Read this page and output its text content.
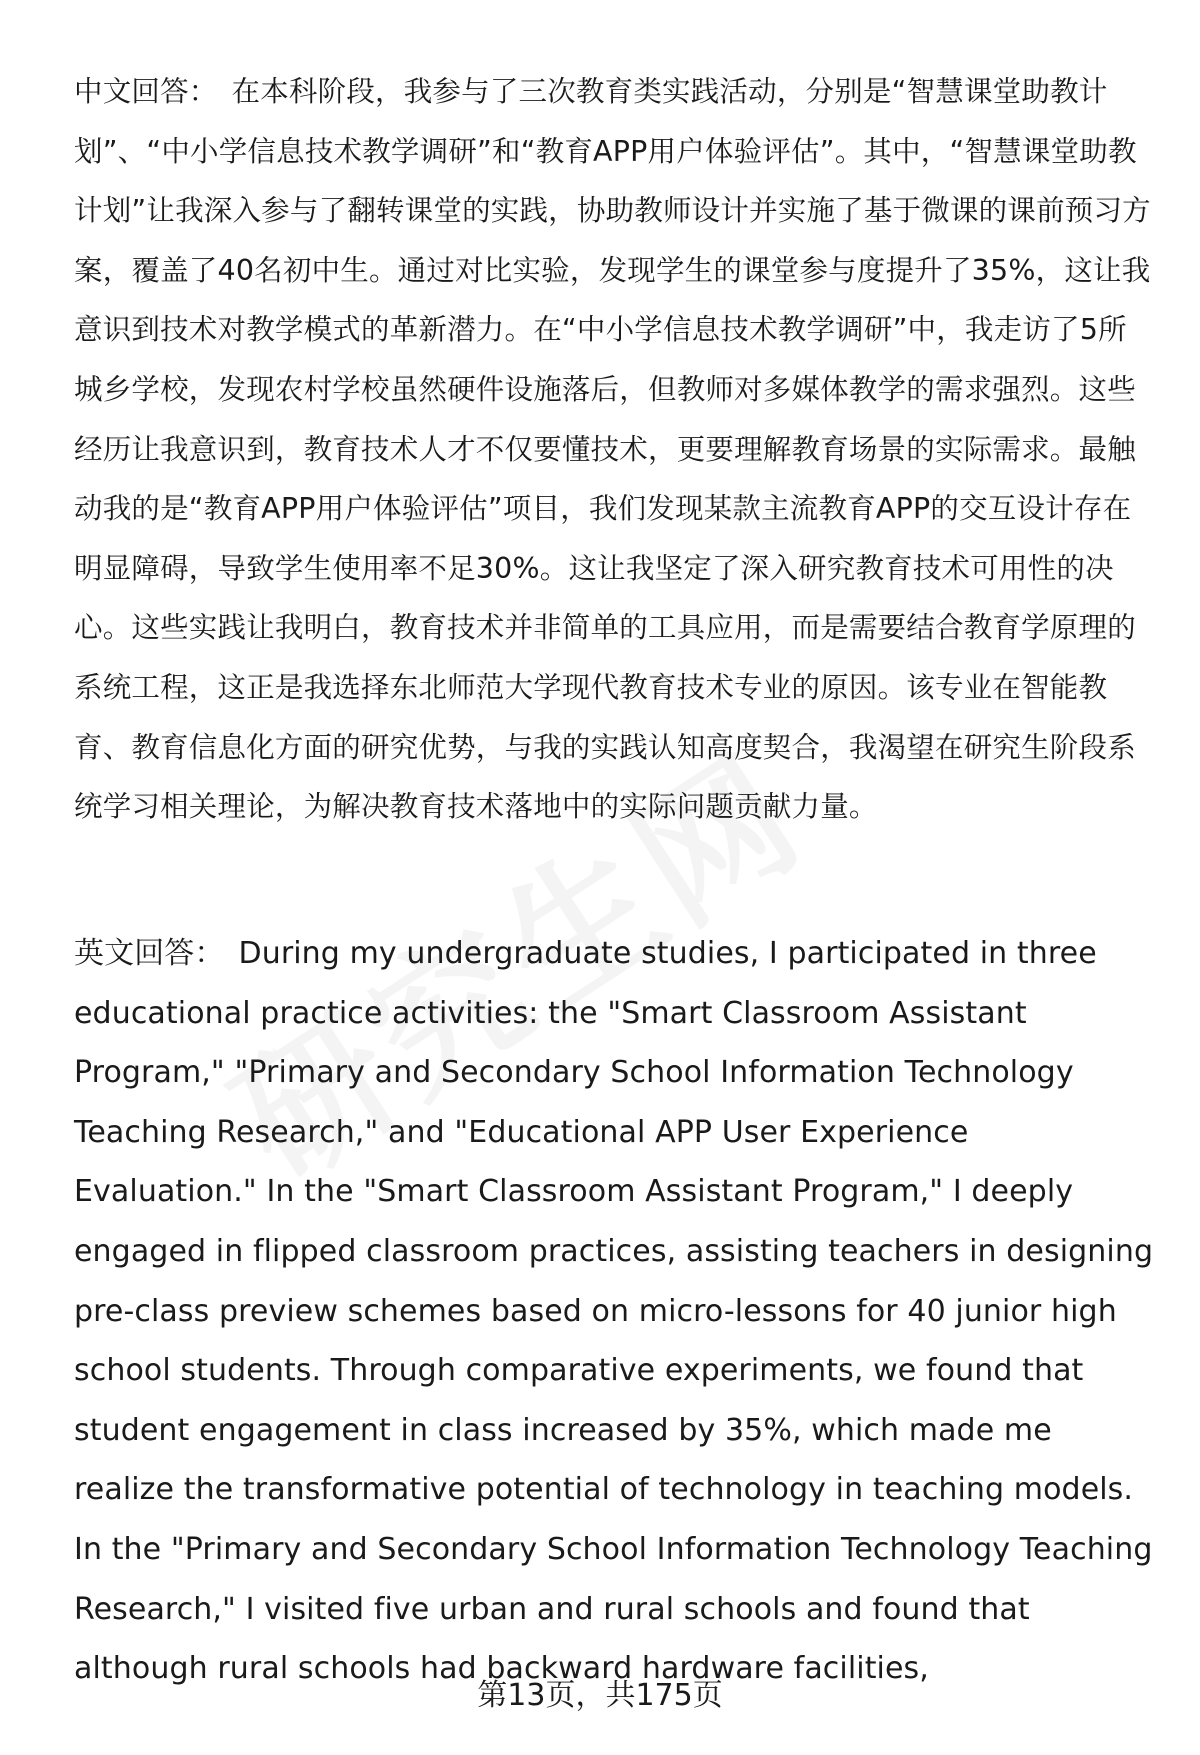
中文回答： 在本科阶段，我参与了三次教育类实践活动，分别是“智慧课堂助教计划”、“中小学信息技术教学调研”和“教育APP用户体验评估”。其中，“智慧课堂助教计划”让我深入参与了翻转课堂的实践，协助教师设计并实施了基于微课的课前预习方案，覆盖了40名初中生。通过对比实验，发现学生的课堂参与度提升了35%，这让我意识到技术对教学模式的革新潜力。在“中小学信息技术教学调研”中，我走访了5所城乡学校，发现农村学校虽然硬件设施落后，但教师对多媒体教学的需求强烈。这些经历让我意识到，教育技术人才不仅要懂技术，更要理解教育场景的实际需求。最触动我的是“教育APP用户体验评估”项目，我们发现某款主流教育APP的交互设计存在明显障碍，导致学生使用率不足30%。这让我坚定了深入研究教育技术可用性的决心。这些实践让我明白，教育技术并非简单的工具应用，而是需要结合教育学原理的系统工程，这正是我选择东北师范大学现代教育技术专业的原因。该专业在智能教育、教育信息化方面的研究优势，与我的实践认知高度契合，我渴望在研究生阶段系统学习相关理论，为解决教育技术落地中的实际问题贡献力量。

英文回答： During my undergraduate studies, I participated in three educational practice activities: the "Smart Classroom Assistant Program," "Primary and Secondary School Information Technology Teaching Research," and "Educational APP User Experience Evaluation." In the "Smart Classroom Assistant Program," I deeply engaged in flipped classroom practices, assisting teachers in designing pre-class preview schemes based on micro-lessons for 40 junior high school students. Through comparative experiments, we found that student engagement in class increased by 35%, which made me realize the transformative potential of technology in teaching models. In the "Primary and Secondary School Information Technology Teaching Research," I visited five urban and rural schools and found that although rural schools had backward hardware facilities,

第13页，共175页
